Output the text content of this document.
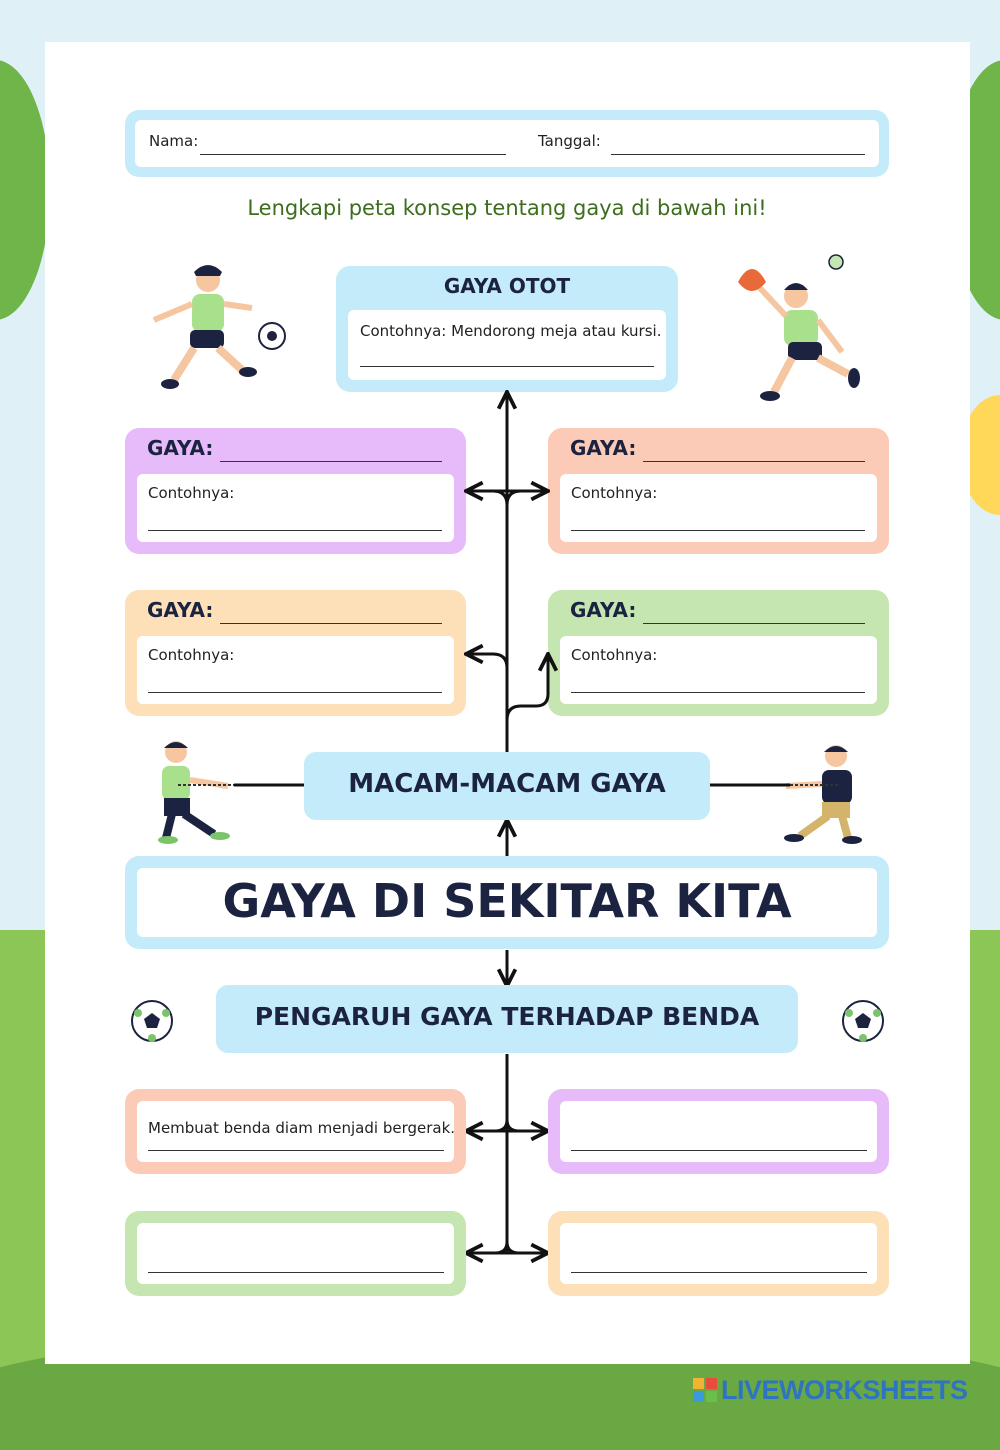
Nama:	Tanggal:
Lengkapi peta konsep tentang gaya di bawah ini!
GAYA OTOT
Contohnya: Mendorong meja atau kursi.
GAYA:
Contohnya:
GAYA:
Contohnya:
GAYA:
Contohnya:
GAYA:
Contohnya:
MACAM-MACAM GAYA
GAYA DI SEKITAR KITA
PENGARUH GAYA TERHADAP BENDA
Membuat benda diam menjadi bergerak.
LIVEWORKSHEETS
